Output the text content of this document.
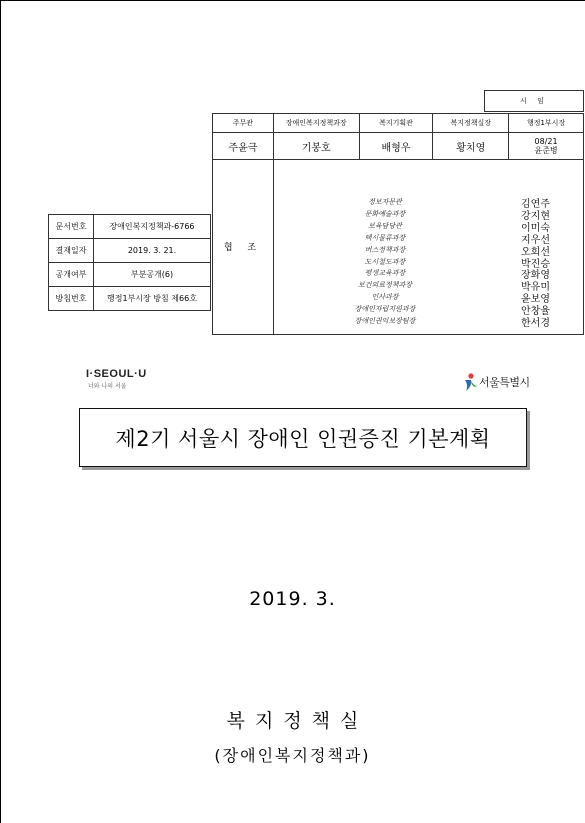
시 임
주무관	장애인복지정책과장	복지기획관	복지정책실장	행정1부시장
주윤극	기봉호	배형우	황치영	08/21
윤준병
협 조
정보자문관	김연주
문화예술과장	강지현
보육담당관	이미숙
택시물류과장	지우선
버스정책과장	오희선
도시철도과장	박진승
평생교육과장	장화영
보건의료정책과장	박유미
인사과장	윤보영
장애인자립지원과장	안창율
장애인권익보장팀장	한서경
문서번호	장애인복지정책과-6766
결재일자	2019. 3. 21.
공개여부	부분공개(6)
방침번호	행정1부시장 방침 제66호
I·SEOUL·U
너와 나의 서울	서울특별시
제2기 서울시 장애인 인권증진 기본계획
2019. 3.
복지정책실
(장애인복지정책과)
